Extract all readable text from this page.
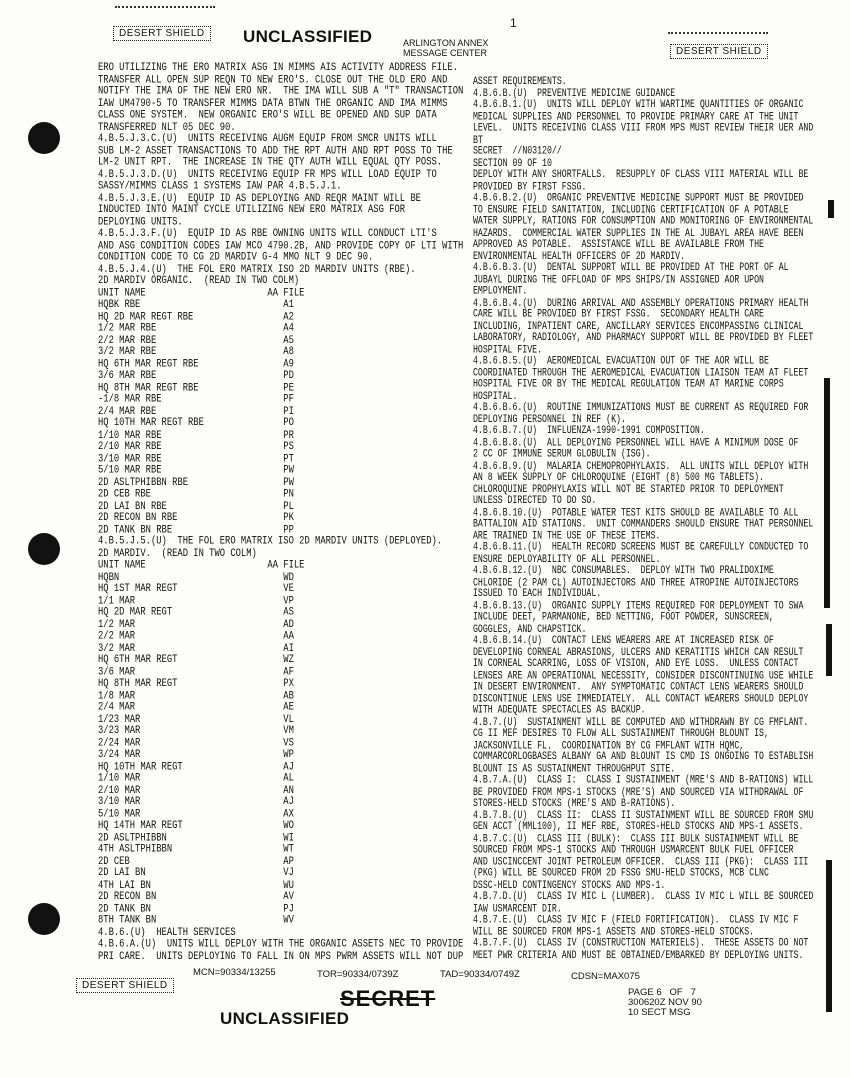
DESERT SHIELD	UNCLASSIFIED
1
ARLINGTON ANNEX
MESSAGE CENTER	DESERT SHIELD
ERO UTILIZING THE ERO MATRIX ASG IN MIMMS AIS ACTIVITY ADDRESS FILE.
TRANSFER ALL OPEN SUP REQN TO NEW ERO'S. CLOSE OUT THE OLD ERO AND
NOTIFY THE IMA OF THE NEW ERO NR.  THE IMA WILL SUB A "T" TRANSACTION
IAW UM4790-5 TO TRANSFER MIMMS DATA BTWN THE ORGANIC AND IMA MIMMS
CLASS ONE SYSTEM.  NEW ORGANIC ERO'S WILL BE OPENED AND SUP DATA
TRANSFERRED NLT 05 DEC 90.
4.B.5.J.3.C.(U)  UNITS RECEIVING AUGM EQUIP FROM SMCR UNITS WILL
SUB LM-2 ASSET TRANSACTIONS TO ADD THE RPT AUTH AND RPT POSS TO THE
LM-2 UNIT RPT.  THE INCREASE IN THE QTY AUTH WILL EQUAL QTY POSS.
4.B.5.J.3.D.(U)  UNITS RECEIVING EQUIP FR MPS WILL LOAD EQUIP TO
SASSY/MIMMS CLASS 1 SYSTEMS IAW PAR 4.B.5.J.1.
4.B.5.J.3.E.(U)  EQUIP ID AS DEPLOYING AND REQR MAINT WILL BE
INDUCTED INTO MAINT CYCLE UTILIZING NEW ERO MATRIX ASG FOR
DEPLOYING UNITS.
4.B.5.J.3.F.(U)  EQUIP ID AS RBE OWNING UNITS WILL CONDUCT LTI'S
AND ASG CONDITION CODES IAW MCO 4790.2B, AND PROVIDE COPY OF LTI WITH
CONDITION CODE TO CG 2D MARDIV G-4 MMO NLT 9 DEC 90.
4.B.5.J.4.(U)  THE FOL ERO MATRIX ISO 2D MARDIV UNITS (RBE).
2D MARDIV ORGANIC.  (READ IN TWO COLM)
UNIT NAME                       AA FILE
HQBK RBE                           A1
HQ 2D MAR REGT RBE                 A2
1/2 MAR RBE                        A4
2/2 MAR RBE                        A5
3/2 MAR RBE                        A8
HQ 6TH MAR REGT RBE                A9
3/6 MAR RBE                        PD
HQ 8TH MAR REGT RBE                PE
-1/8 MAR RBE                       PF
2/4 MAR RBE                        PI
HQ 10TH MAR REGT RBE               PO
1/10 MAR RBE                       PR
2/10 MAR RBE                       PS
3/10 MAR RBE                       PT
5/10 MAR RBE                       PW
2D ASLTPHIBBN RBE                  PW
2D CEB RBE                         PN
2D LAI BN RBE                      PL
2D RECON BN RBE                    PK
2D TANK BN RBE                     PP
4.B.5.J.5.(U)  THE FOL ERO MATRIX ISO 2D MARDIV UNITS (DEPLOYED).
2D MARDIV.  (READ IN TWO COLM)
UNIT NAME                       AA FILE
HQBN                               WD
HQ 1ST MAR REGT                    VE
1/1 MAR                            VP
HQ 2D MAR REGT                     AS
1/2 MAR                            AD
2/2 MAR                            AA
3/2 MAR                            AI
HQ 6TH MAR REGT                    WZ
3/6 MAR                            AF
HQ 8TH MAR REGT                    PX
1/8 MAR                            AB
2/4 MAR                            AE
1/23 MAR                           VL
3/23 MAR                           VM
2/24 MAR                           VS
3/24 MAR                           WP
HQ 10TH MAR REGT                   AJ
1/10 MAR                           AL
2/10 MAR                           AN
3/10 MAR                           AJ
5/10 MAR                           AX
HQ 14TH MAR REGT                   WO
2D ASLTPHIBBN                      WI
4TH ASLTPHIBBN                     WT
2D CEB                             AP
2D LAI BN                          VJ
4TH LAI BN                         WU
2D RECON BN                        AV
2D TANK BN                         PJ
8TH TANK BN                        WV
4.B.6.(U)  HEALTH SERVICES
4.B.6.A.(U)  UNITS WILL DEPLOY WITH THE ORGANIC ASSETS NEC TO PROVIDE
PRI CARE.  UNITS DEPLOYING TO FALL IN ON MPS PWRM ASSETS WILL NOT DUP
ASSET REQUIREMENTS.
4.B.6.B.(U)  PREVENTIVE MEDICINE GUIDANCE
4.B.6.B.1.(U)  UNITS WILL DEPLOY WITH WARTIME QUANTITIES OF ORGANIC
MEDICAL SUPPLIES AND PERSONNEL TO PROVIDE PRIMARY CARE AT THE UNIT
LEVEL.  UNITS RECEIVING CLASS VIII FROM MPS MUST REVIEW THEIR UER AND
BT
SECRET  //N03120//
SECTION 09 OF 10
DEPLOY WITH ANY SHORTFALLS.  RESUPPLY OF CLASS VIII MATERIAL WILL BE
PROVIDED BY FIRST FSSG.
4.B.6.B.2.(U)  ORGANIC PREVENTIVE MEDICINE SUPPORT MUST BE PROVIDED
TO ENSURE FIELD SANITATION, INCLUDING CERTIFICATION OF A POTABLE
WATER SUPPLY, RATIONS FOR CONSUMPTION AND MONITORING OF ENVIRONMENTAL
HAZARDS.  COMMERCIAL WATER SUPPLIES IN THE AL JUBAYL AREA HAVE BEEN
APPROVED AS POTABLE.  ASSISTANCE WILL BE AVAILABLE FROM THE
ENVIRONMENTAL HEALTH OFFICERS OF 2D MARDIV.
4.B.6.B.3.(U)  DENTAL SUPPORT WILL BE PROVIDED AT THE PORT OF AL
JUBAYL DURING THE OFFLOAD OF MPS SHIPS/IN ASSIGNED AOR UPON
EMPLOYMENT.
4.B.6.B.4.(U)  DURING ARRIVAL AND ASSEMBLY OPERATIONS PRIMARY HEALTH
CARE WILL BE PROVIDED BY FIRST FSSG.  SECONDARY HEALTH CARE
INCLUDING, INPATIENT CARE, ANCILLARY SERVICES ENCOMPASSING CLINICAL
LABORATORY, RADIOLOGY, AND PHARMACY SUPPORT WILL BE PROVIDED BY FLEET
HOSPITAL FIVE.
4.B.6.B.5.(U)  AEROMEDICAL EVACUATION OUT OF THE AOR WILL BE
COORDINATED THROUGH THE AEROMEDICAL EVACUATION LIAISON TEAM AT FLEET
HOSPITAL FIVE OR BY THE MEDICAL REGULATION TEAM AT MARINE CORPS
HOSPITAL.
4.B.6.B.6.(U)  ROUTINE IMMUNIZATIONS MUST BE CURRENT AS REQUIRED FOR
DEPLOYING PERSONNEL IN REF (K).
4.B.6.B.7.(U)  INFLUENZA-1990-1991 COMPOSITION.
4.B.6.B.8.(U)  ALL DEPLOYING PERSONNEL WILL HAVE A MINIMUM DOSE OF
2 CC OF IMMUNE SERUM GLOBULIN (ISG).
4.B.6.B.9.(U)  MALARIA CHEMOPROPHYLAXIS.  ALL UNITS WILL DEPLOY WITH
AN 8 WEEK SUPPLY OF CHLOROQUINE (EIGHT (8) 500 MG TABLETS).
CHLOROQUINE PROPHYLAXIS WILL NOT BE STARTED PRIOR TO DEPLOYMENT
UNLESS DIRECTED TO DO SO.
4.B.6.B.10.(U)  POTABLE WATER TEST KITS SHOULD BE AVAILABLE TO ALL
BATTALION AID STATIONS.  UNIT COMMANDERS SHOULD ENSURE THAT PERSONNEL
ARE TRAINED IN THE USE OF THESE ITEMS.
4.B.6.B.11.(U)  HEALTH RECORD SCREENS MUST BE CAREFULLY CONDUCTED TO
ENSURE DEPLOYABILITY OF ALL PERSONNEL.
4.B.6.B.12.(U)  NBC CONSUMABLES.  DEPLOY WITH TWO PRALIDOXIME
CHLORIDE (2 PAM CL) AUTOINJECTORS AND THREE ATROPINE AUTOINJECTORS
ISSUED TO EACH INDIVIDUAL.
4.B.6.B.13.(U)  ORGANIC SUPPLY ITEMS REQUIRED FOR DEPLOYMENT TO SWA
INCLUDE DEET, PARMANONE, BED NETTING, FOOT POWDER, SUNSCREEN,
GOGGLES, AND CHAPSTICK.
4.B.6.B.14.(U)  CONTACT LENS WEARERS ARE AT INCREASED RISK OF
DEVELOPING CORNEAL ABRASIONS, ULCERS AND KERATITIS WHICH CAN RESULT
IN CORNEAL SCARRING, LOSS OF VISION, AND EYE LOSS.  UNLESS CONTACT
LENSES ARE AN OPERATIONAL NECESSITY, CONSIDER DISCONTINUING USE WHILE
IN DESERT ENVIRONMENT.  ANY SYMPTOMATIC CONTACT LENS WEARERS SHOULD
DISCONTINUE LENS USE IMMEDIATELY.  ALL CONTACT WEARERS SHOULD DEPLOY
WITH ADEQUATE SPECTACLES AS BACKUP.
4.B.7.(U)  SUSTAINMENT WILL BE COMPUTED AND WITHDRAWN BY CG FMFLANT.
CG II MEF DESIRES TO FLOW ALL SUSTAINMENT THROUGH BLOUNT IS,
JACKSONVILLE FL.  COORDINATION BY CG FMFLANT WITH HQMC,
COMMARCORLOGBASES ALBANY GA AND BLOUNT IS CMD IS ONGOING TO ESTABLISH
BLOUNT IS AS SUSTAINMENT THROUGHPUT SITE.
4.B.7.A.(U)  CLASS I:  CLASS I SUSTAINMENT (MRE'S AND B-RATIONS) WILL
BE PROVIDED FROM MPS-1 STOCKS (MRE'S) AND SOURCED VIA WITHDRAWAL OF
STORES-HELD STOCKS (MRE'S AND B-RATIONS).
4.B.7.B.(U)  CLASS II:  CLASS II SUSTAINMENT WILL BE SOURCED FROM SMU
GEN ACCT (MML100), II MEF RBE, STORES-HELD STOCKS AND MPS-1 ASSETS.
4.B.7.C.(U)  CLASS III (BULK):  CLASS III BULK SUSTAINMENT WILL BE
SOURCED FROM MPS-1 STOCKS AND THROUGH USMARCENT BULK FUEL OFFICER
AND USCINCCENT JOINT PETROLEUM OFFICER.  CLASS III (PKG):  CLASS III
(PKG) WILL BE SOURCED FROM 2D FSSG SMU-HELD STOCKS, MCB CLNC
DSSC-HELD CONTINGENCY STOCKS AND MPS-1.
4.B.7.D.(U)  CLASS IV MIC L (LUMBER).  CLASS IV MIC L WILL BE SOURCED
IAW USMARCENT DIR.
4.B.7.E.(U)  CLASS IV MIC F (FIELD FORTIFICATION).  CLASS IV MIC F
WILL BE SOURCED FROM MPS-1 ASSETS AND STORES-HELD STOCKS.
4.B.7.F.(U)  CLASS IV (CONSTRUCTION MATERIELS).  THESE ASSETS DO NOT
MEET PWR CRITERIA AND MUST BE OBTAINED/EMBARKED BY DEPLOYING UNITS.
MCN=90334/13255	TOR=90334/0739Z	TAD=90334/0749Z	CDSN=MAX075
DESERT SHIELD
SECRET
UNCLASSIFIED
PAGE 6   OF   7
300620Z NOV 90
10 SECT MSG
